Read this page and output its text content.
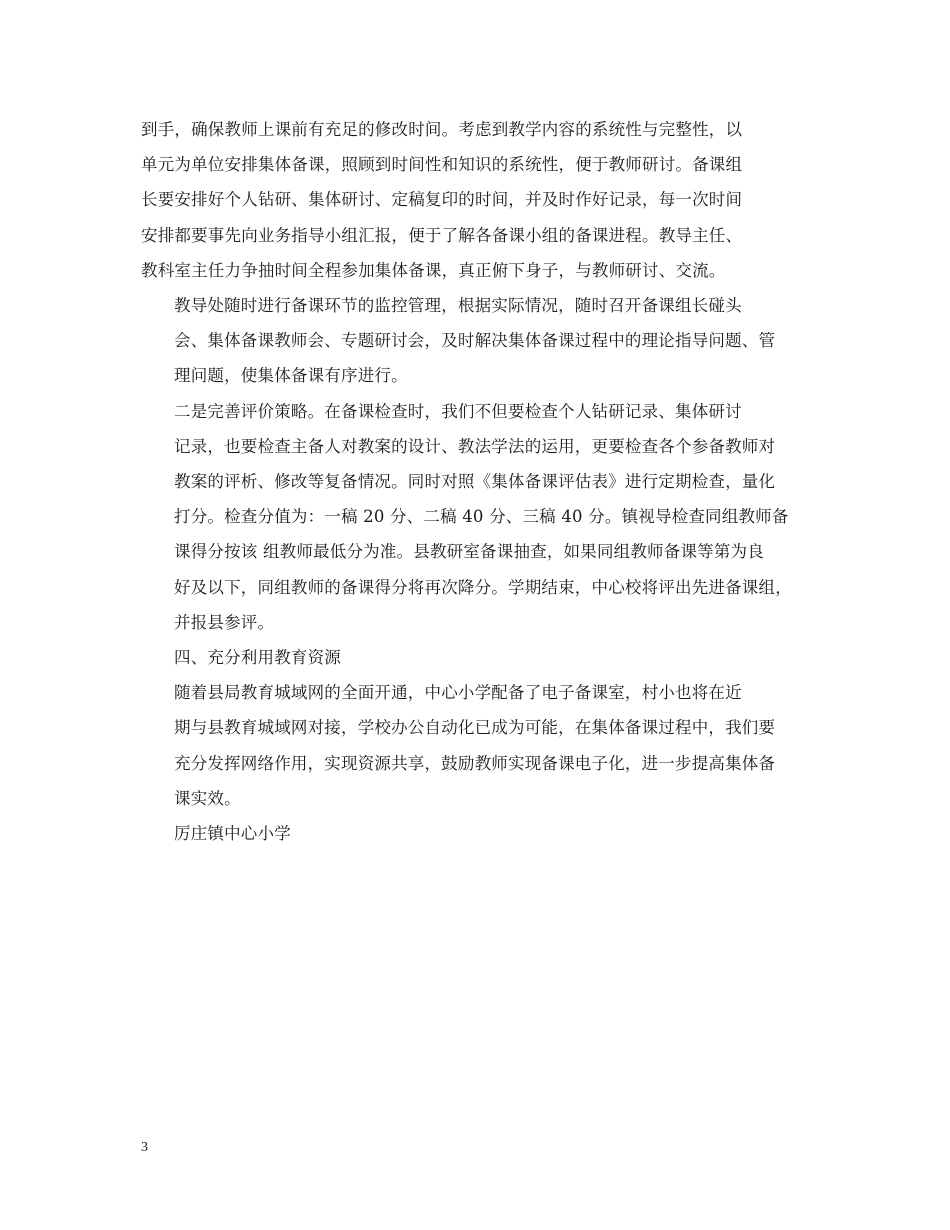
到手，确保教师上课前有充足的修改时间。考虑到教学内容的系统性与完整性，以
单元为单位安排集体备课，照顾到时间性和知识的系统性，便于教师研讨。备课组
长要安排好个人钻研、集体研讨、定稿复印的时间，并及时作好记录，每一次时间
安排都要事先向业务指导小组汇报，便于了解各备课小组的备课进程。教导主任、
教科室主任力争抽时间全程参加集体备课，真正俯下身子，与教师研讨、交流。

教导处随时进行备课环节的监控管理，根据实际情况，随时召开备课组长碰头
会、集体备课教师会、专题研讨会，及时解决集体备课过程中的理论指导问题、管
理问题，使集体备课有序进行。

二是完善评价策略。在备课检查时，我们不但要检查个人钻研记录、集体研讨
记录，也要检查主备人对教案的设计、教法学法的运用，更要检查各个参备教师对
教案的评析、修改等复备情况。同时对照《集体备课评估表》进行定期检查，量化
打分。检查分值为：一稿 20 分、二稿 40 分、三稿 40 分。镇视导检查同组教师备
课得分按该 组教师最低分为准。县教研室备课抽查，如果同组教师备课等第为良
好及以下，同组教师的备课得分将再次降分。学期结束，中心校将评出先进备课组，
并报县参评。

四、充分利用教育资源

随着县局教育城域网的全面开通，中心小学配备了电子备课室，村小也将在近
期与县教育城域网对接，学校办公自动化已成为可能，在集体备课过程中，我们要
充分发挥网络作用，实现资源共享，鼓励教师实现备课电子化，进一步提高集体备
课实效。

厉庄镇中心小学

3
